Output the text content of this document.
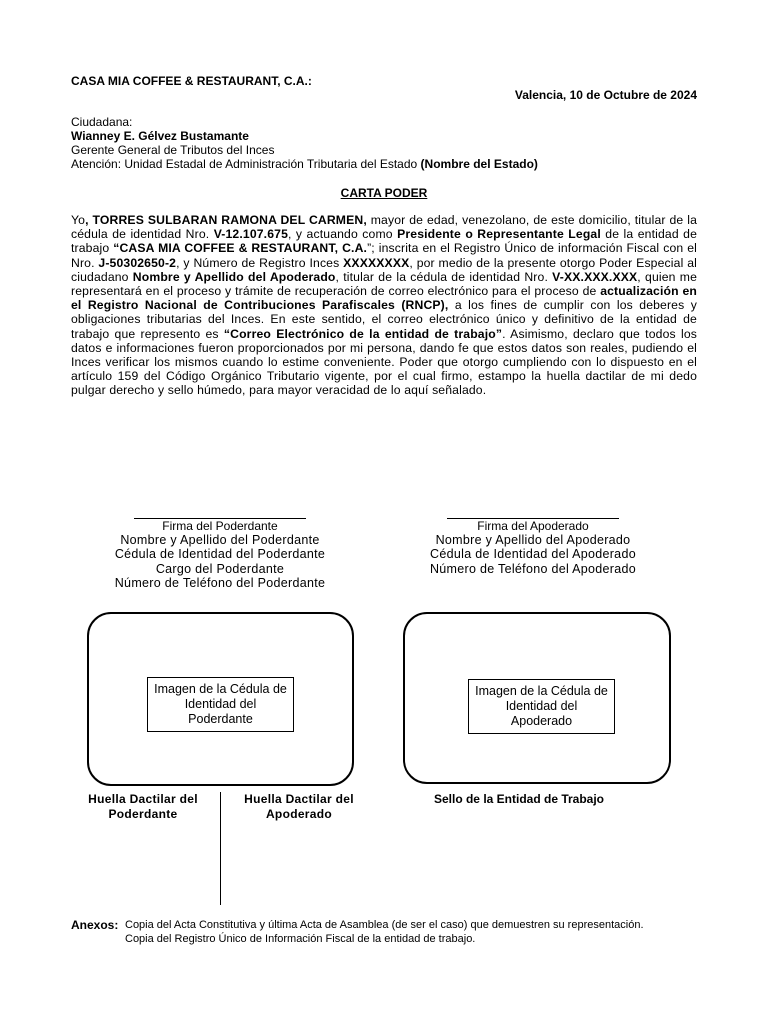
CASA MIA COFFEE & RESTAURANT, C.A.:
Valencia, 10 de Octubre de 2024
Ciudadana:
Wianney E. Gélvez Bustamante
Gerente General de Tributos del Inces
Atención: Unidad Estadal de Administración Tributaria del Estado (Nombre del Estado)
CARTA PODER
Yo, TORRES SULBARAN RAMONA DEL CARMEN, mayor de edad, venezolano, de este domicilio, titular de la cédula de identidad Nro. V-12.107.675, y actuando como Presidente o Representante Legal de la entidad de trabajo “CASA MIA COFFEE & RESTAURANT, C.A.”; inscrita en el Registro Único de información Fiscal con el Nro. J-50302650-2, y Número de Registro Inces XXXXXXXX, por medio de la presente otorgo Poder Especial al ciudadano Nombre y Apellido del Apoderado, titular de la cédula de identidad Nro. V-XX.XXX.XXX, quien me representará en el proceso y trámite de recuperación de correo electrónico para el proceso de actualización en el Registro Nacional de Contribuciones Parafiscales (RNCP), a los fines de cumplir con los deberes y obligaciones tributarias del Inces. En este sentido, el correo electrónico único y definitivo de la entidad de trabajo que represento es “Correo Electrónico de la entidad de trabajo”. Asimismo, declaro que todos los datos e informaciones fueron proporcionados por mi persona, dando fe que estos datos son reales, pudiendo el Inces verificar los mismos cuando lo estime conveniente. Poder que otorgo cumpliendo con lo dispuesto en el artículo 159 del Código Orgánico Tributario vigente, por el cual firmo, estampo la huella dactilar de mi dedo pulgar derecho y sello húmedo, para mayor veracidad de lo aquí señalado.
Firma del Poderdante
Nombre y Apellido del Poderdante
Cédula de Identidad del Poderdante
Cargo del Poderdante
Número de Teléfono del Poderdante
Firma del Apoderado
Nombre y Apellido del Apoderado
Cédula de Identidad del Apoderado
Número de Teléfono del Apoderado
Imagen de la Cédula de Identidad del Poderdante
Imagen de la Cédula de Identidad del Apoderado
Huella Dactilar del
Poderdante
Huella Dactilar del
Apoderado
Sello de la Entidad de Trabajo
Anexos: Copia del Acta Constitutiva y última Acta de Asamblea (de ser el caso) que demuestren su representación.
Copia del Registro Único de Información Fiscal de la entidad de trabajo.
